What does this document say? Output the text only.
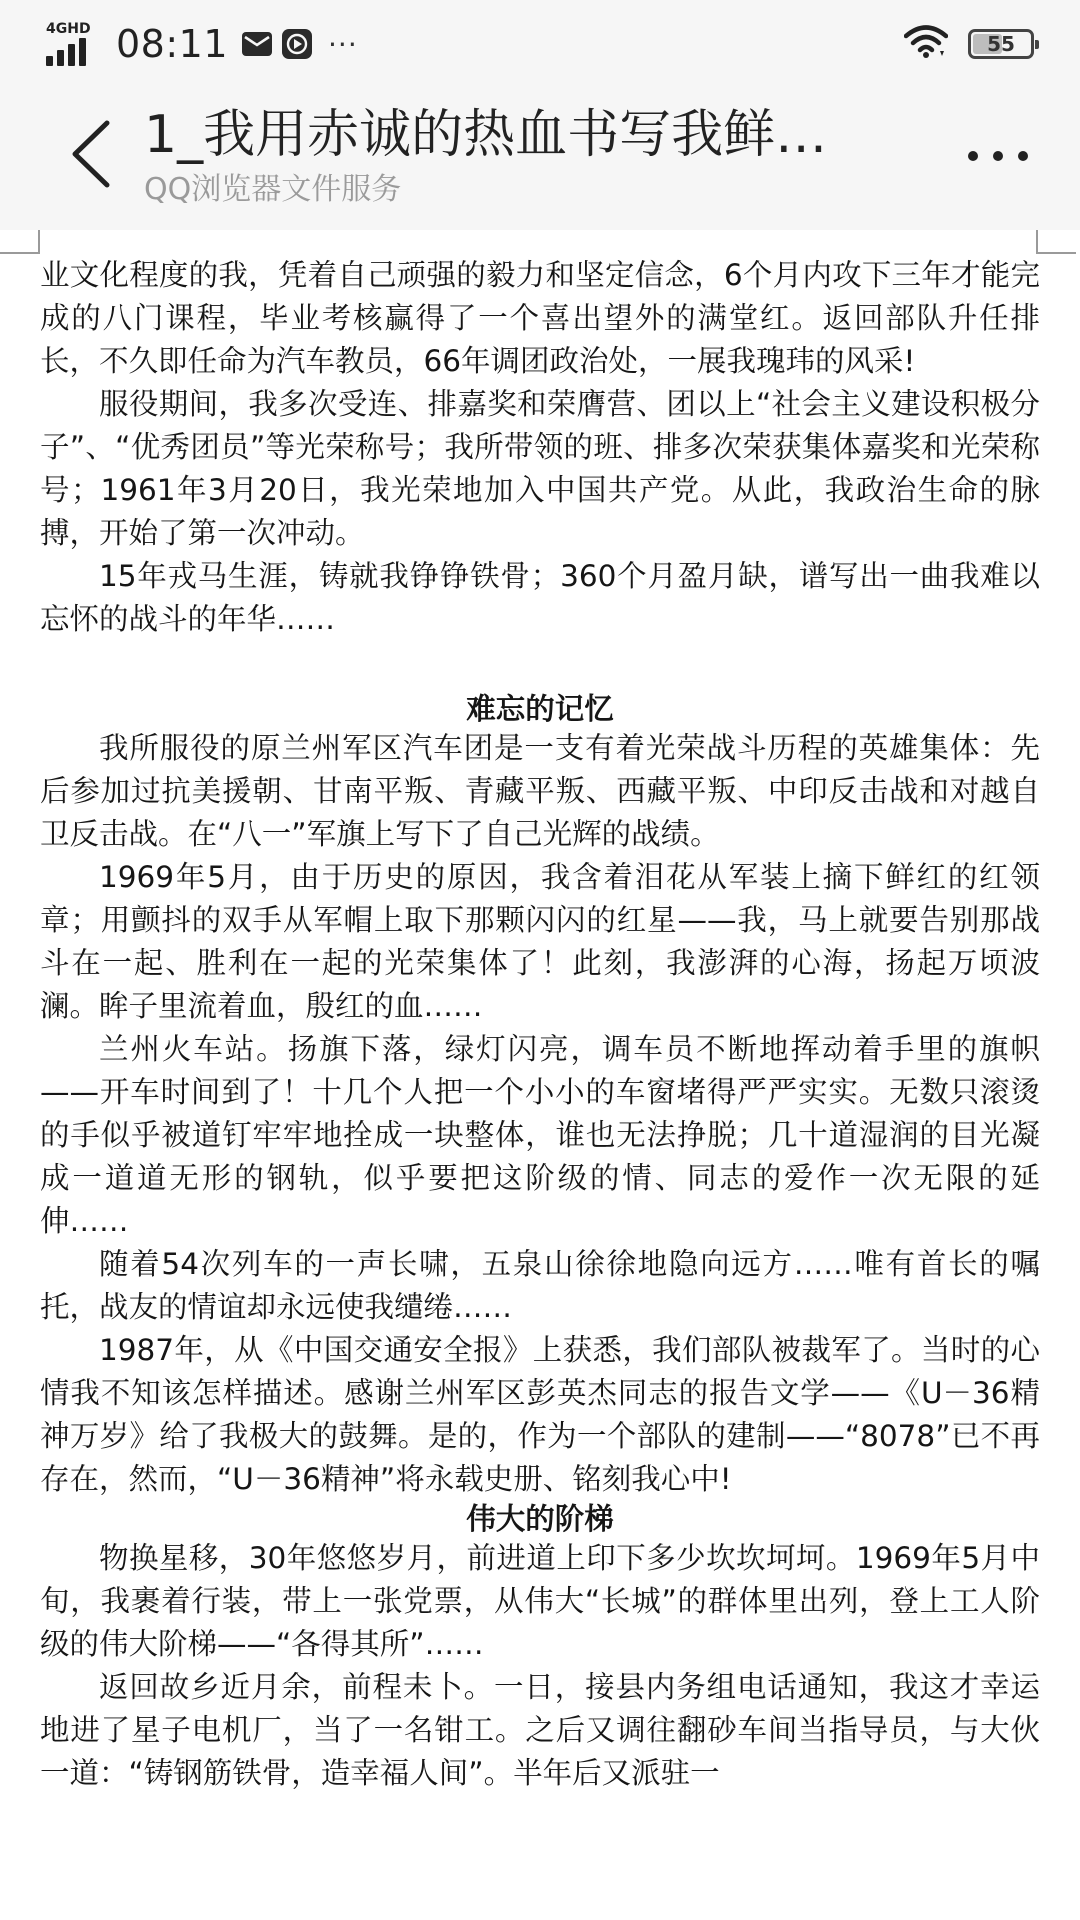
4GHD 08:11	···	55
1_我用赤诚的热血书写我鲜…
QQ浏览器文件服务

业文化程度的我，凭着自己顽强的毅力和坚定信念，6个月内攻下三年才能完成的八门课程，毕业考核赢得了一个喜出望外的满堂红。返回部队升任排长，不久即任命为汽车教员，66年调团政治处，一展我瑰玮的风采!

服役期间，我多次受连、排嘉奖和荣膺营、团以上“社会主义建设积极分子”、“优秀团员”等光荣称号；我所带领的班、排多次荣获集体嘉奖和光荣称号；1961年3月20日，我光荣地加入中国共产党。从此，我政治生命的脉搏，开始了第一次冲动。

15年戎马生涯，铸就我铮铮铁骨；360个月盈月缺，谱写出一曲我难以忘怀的战斗的年华……

难忘的记忆

我所服役的原兰州军区汽车团是一支有着光荣战斗历程的英雄集体：先后参加过抗美援朝、甘南平叛、青藏平叛、西藏平叛、中印反击战和对越自卫反击战。在“八一”军旗上写下了自己光辉的战绩。

1969年5月，由于历史的原因，我含着泪花从军装上摘下鲜红的红领章；用颤抖的双手从军帽上取下那颗闪闪的红星——我，马上就要告别那战斗在一起、胜利在一起的光荣集体了！此刻，我澎湃的心海，扬起万顷波澜。眸子里流着血，殷红的血……

兰州火车站。扬旗下落，绿灯闪亮，调车员不断地挥动着手里的旗帜——开车时间到了！十几个人把一个小小的车窗堵得严严实实。无数只滚烫的手似乎被道钉牢牢地拴成一块整体，谁也无法挣脱；几十道湿润的目光凝成一道道无形的钢轨，似乎要把这阶级的情、同志的爱作一次无限的延伸……

随着54次列车的一声长啸，五泉山徐徐地隐向远方……唯有首长的嘱托，战友的情谊却永远使我缱绻……

1987年，从《中国交通安全报》上获悉，我们部队被裁军了。当时的心情我不知该怎样描述。感谢兰州军区彭英杰同志的报告文学——《U－36精神万岁》给了我极大的鼓舞。是的，作为一个部队的建制——“8078”已不再存在，然而，“U－36精神”将永载史册、铭刻我心中!

伟大的阶梯

物换星移，30年悠悠岁月，前进道上印下多少坎坎坷坷。1969年5月中旬，我裹着行装，带上一张党票，从伟大“长城”的群体里出列，登上工人阶级的伟大阶梯——“各得其所”……

返回故乡近月余，前程未卜。一日，接县内务组电话通知，我这才幸运地进了星子电机厂，当了一名钳工。之后又调往翻砂车间当指导员，与大伙一道：“铸钢筋铁骨，造幸福人间”。半年后又派驻一
